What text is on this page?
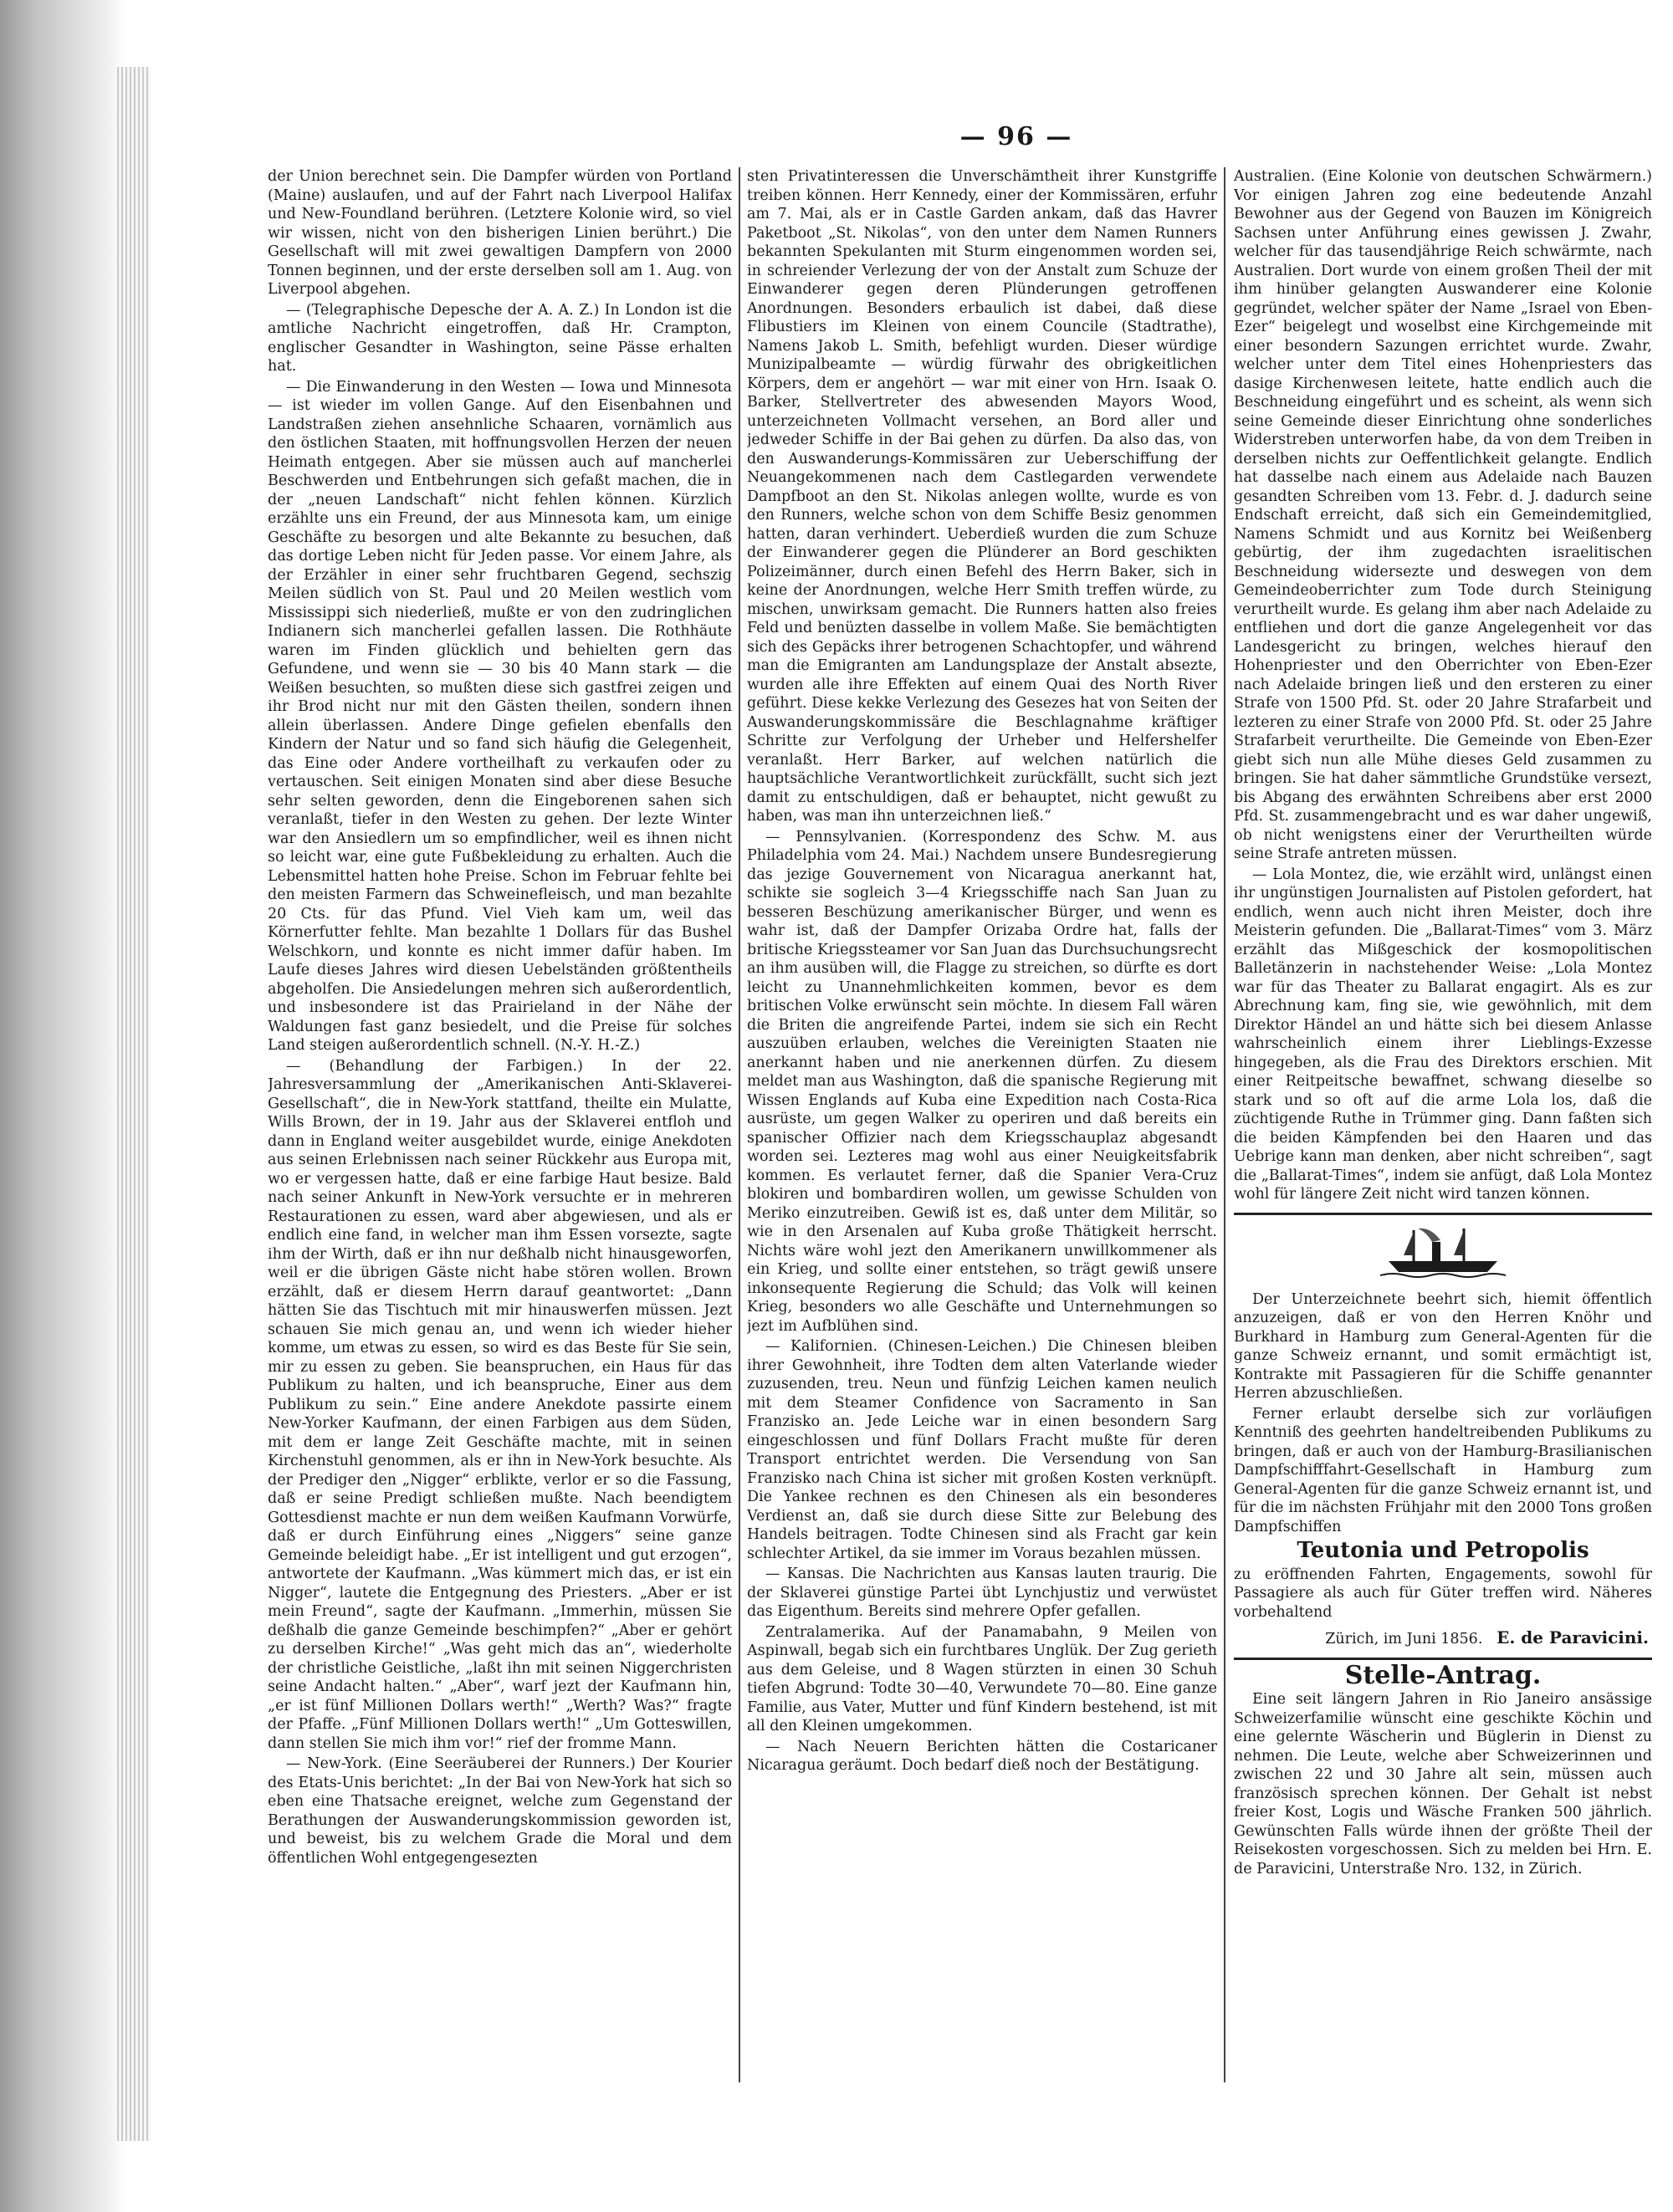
— 96 —

der Union berechnet sein. Die Dampfer würden von Portland (Maine) auslaufen, und auf der Fahrt nach Liverpool Halifax und New-Foundland berühren. (Letztere Kolonie wird, so viel wir wissen, nicht von den bisherigen Linien berührt.) Die Gesellschaft will mit zwei gewaltigen Dampfern von 2000 Tonnen beginnen, und der erste derselben soll am 1. Aug. von Liverpool abgehen.

— (Telegraphische Depesche der A. A. Z.) In London ist die amtliche Nachricht eingetroffen, daß Hr. Crampton, englischer Gesandter in Washington, seine Pässe erhalten hat.

— Die Einwanderung in den Westen — Iowa und Minnesota — ist wieder im vollen Gange. Auf den Eisenbahnen und Landstraßen ziehen ansehnliche Schaaren, vornämlich aus den östlichen Staaten, mit hoffnungsvollen Herzen der neuen Heimath entgegen. Aber sie müssen auch auf mancherlei Beschwerden und Entbehrungen sich gefaßt machen, die in der „neuen Landschaft“ nicht fehlen können. Kürzlich erzählte uns ein Freund, der aus Minnesota kam, um einige Geschäfte zu besorgen und alte Bekannte zu besuchen, daß das dortige Leben nicht für Jeden passe. Vor einem Jahre, als der Erzähler in einer sehr fruchtbaren Gegend, sechszig Meilen südlich von St. Paul und 20 Meilen westlich vom Mississippi sich niederließ, mußte er von den zudringlichen Indianern sich mancherlei gefallen lassen. Die Rothhäute waren im Finden glücklich und behielten gern das Gefundene, und wenn sie — 30 bis 40 Mann stark — die Weißen besuchten, so mußten diese sich gastfrei zeigen und ihr Brod nicht nur mit den Gästen theilen, sondern ihnen allein überlassen. Andere Dinge gefielen ebenfalls den Kindern der Natur und so fand sich häufig die Gelegenheit, das Eine oder Andere vortheilhaft zu verkaufen oder zu vertauschen. Seit einigen Monaten sind aber diese Besuche sehr selten geworden, denn die Eingeborenen sahen sich veranlaßt, tiefer in den Westen zu gehen. Der lezte Winter war den Ansiedlern um so empfindlicher, weil es ihnen nicht so leicht war, eine gute Fußbekleidung zu erhalten. Auch die Lebensmittel hatten hohe Preise. Schon im Februar fehlte bei den meisten Farmern das Schweinefleisch, und man bezahlte 20 Cts. für das Pfund. Viel Vieh kam um, weil das Körnerfutter fehlte. Man bezahlte 1 Dollars für das Bushel Welschkorn, und konnte es nicht immer dafür haben. Im Laufe dieses Jahres wird diesen Uebelständen größtentheils abgeholfen. Die Ansiedelungen mehren sich außerordentlich, und insbesondere ist das Prairieland in der Nähe der Waldungen fast ganz besiedelt, und die Preise für solches Land steigen außerordentlich schnell. (N.-Y. H.-Z.)

— (Behandlung der Farbigen.) In der 22. Jahresversammlung der „Amerikanischen Anti-Sklaverei-Gesellschaft“, die in New-York stattfand, theilte ein Mulatte, Wills Brown, der in 19. Jahr aus der Sklaverei entfloh und dann in England weiter ausgebildet wurde, einige Anekdoten aus seinen Erlebnissen nach seiner Rückkehr aus Europa mit, wo er vergessen hatte, daß er eine farbige Haut besize. Bald nach seiner Ankunft in New-York versuchte er in mehreren Restaurationen zu essen, ward aber abgewiesen, und als er endlich eine fand, in welcher man ihm Essen vorsezte, sagte ihm der Wirth, daß er ihn nur deßhalb nicht hinausgeworfen, weil er die übrigen Gäste nicht habe stören wollen. Brown erzählt, daß er diesem Herrn darauf geantwortet: „Dann hätten Sie das Tischtuch mit mir hinauswerfen müssen. Jezt schauen Sie mich genau an, und wenn ich wieder hieher komme, um etwas zu essen, so wird es das Beste für Sie sein, mir zu essen zu geben. Sie beanspruchen, ein Haus für das Publikum zu halten, und ich beanspruche, Einer aus dem Publikum zu sein.“ Eine andere Anekdote passirte einem New-Yorker Kaufmann, der einen Farbigen aus dem Süden, mit dem er lange Zeit Geschäfte machte, mit in seinen Kirchenstuhl genommen, als er ihn in New-York besuchte. Als der Prediger den „Nigger“ erblikte, verlor er so die Fassung, daß er seine Predigt schließen mußte. Nach beendigtem Gottesdienst machte er nun dem weißen Kaufmann Vorwürfe, daß er durch Einführung eines „Niggers“ seine ganze Gemeinde beleidigt habe. „Er ist intelligent und gut erzogen“, antwortete der Kaufmann. „Was kümmert mich das, er ist ein Nigger“, lautete die Entgegnung des Priesters. „Aber er ist mein Freund“, sagte der Kaufmann. „Immerhin, müssen Sie deßhalb die ganze Gemeinde beschimpfen?“ „Aber er gehört zu derselben Kirche!“ „Was geht mich das an“, wiederholte der christliche Geistliche, „laßt ihn mit seinen Niggerchristen seine Andacht halten.“ „Aber“, warf jezt der Kaufmann hin, „er ist fünf Millionen Dollars werth!“ „Werth? Was?“ fragte der Pfaffe. „Fünf Millionen Dollars werth!“ „Um Gotteswillen, dann stellen Sie mich ihm vor!“ rief der fromme Mann.

— New-York. (Eine Seeräuberei der Runners.) Der Kourier des Etats-Unis berichtet: „In der Bai von New-York hat sich so eben eine Thatsache ereignet, welche zum Gegenstand der Berathungen der Auswanderungskommission geworden ist, und beweist, bis zu welchem Grade die Moral und dem öffentlichen Wohl entgegengesezten

sten Privatinteressen die Unverschämtheit ihrer Kunstgriffe treiben können. Herr Kennedy, einer der Kommissären, erfuhr am 7. Mai, als er in Castle Garden ankam, daß das Havrer Paketboot „St. Nikolas“, von den unter dem Namen Runners bekannten Spekulanten mit Sturm eingenommen worden sei, in schreiender Verlezung der von der Anstalt zum Schuze der Einwanderer gegen deren Plünderungen getroffenen Anordnungen. Besonders erbaulich ist dabei, daß diese Flibustiers im Kleinen von einem Councile (Stadtrathe), Namens Jakob L. Smith, befehligt wurden. Dieser würdige Munizipalbeamte — würdig fürwahr des obrigkeitlichen Körpers, dem er angehört — war mit einer von Hrn. Isaak O. Barker, Stellvertreter des abwesenden Mayors Wood, unterzeichneten Vollmacht versehen, an Bord aller und jedweder Schiffe in der Bai gehen zu dürfen. Da also das, von den Auswanderungs-Kommissären zur Ueberschiffung der Neuangekommenen nach dem Castlegarden verwendete Dampfboot an den St. Nikolas anlegen wollte, wurde es von den Runners, welche schon von dem Schiffe Besiz genommen hatten, daran verhindert. Ueberdieß wurden die zum Schuze der Einwanderer gegen die Plünderer an Bord geschikten Polizeimänner, durch einen Befehl des Herrn Baker, sich in keine der Anordnungen, welche Herr Smith treffen würde, zu mischen, unwirksam gemacht. Die Runners hatten also freies Feld und benüzten dasselbe in vollem Maße. Sie bemächtigten sich des Gepäcks ihrer betrogenen Schachtopfer, und während man die Emigranten am Landungsplaze der Anstalt absezte, wurden alle ihre Effekten auf einem Quai des North River geführt. Diese kekke Verlezung des Gesezes hat von Seiten der Auswanderungskommissäre die Beschlagnahme kräftiger Schritte zur Verfolgung der Urheber und Helfershelfer veranlaßt. Herr Barker, auf welchen natürlich die hauptsächliche Verantwortlichkeit zurückfällt, sucht sich jezt damit zu entschuldigen, daß er behauptet, nicht gewußt zu haben, was man ihn unterzeichnen ließ.“

— Pennsylvanien. (Korrespondenz des Schw. M. aus Philadelphia vom 24. Mai.) Nachdem unsere Bundesregierung das jezige Gouvernement von Nicaragua anerkannt hat, schikte sie sogleich 3—4 Kriegsschiffe nach San Juan zu besseren Beschüzung amerikanischer Bürger, und wenn es wahr ist, daß der Dampfer Orizaba Ordre hat, falls der britische Kriegssteamer vor San Juan das Durchsuchungsrecht an ihm ausüben will, die Flagge zu streichen, so dürfte es dort leicht zu Unannehmlichkeiten kommen, bevor es dem britischen Volke erwünscht sein möchte. In diesem Fall wären die Briten die angreifende Partei, indem sie sich ein Recht auszuüben erlauben, welches die Vereinigten Staaten nie anerkannt haben und nie anerkennen dürfen. Zu diesem meldet man aus Washington, daß die spanische Regierung mit Wissen Englands auf Kuba eine Expedition nach Costa-Rica ausrüste, um gegen Walker zu operiren und daß bereits ein spanischer Offizier nach dem Kriegsschauplaz abgesandt worden sei. Lezteres mag wohl aus einer Neuigkeitsfabrik kommen. Es verlautet ferner, daß die Spanier Vera-Cruz blokiren und bombardiren wollen, um gewisse Schulden von Meriko einzutreiben. Gewiß ist es, daß unter dem Militär, so wie in den Arsenalen auf Kuba große Thätigkeit herrscht. Nichts wäre wohl jezt den Amerikanern unwillkommener als ein Krieg, und sollte einer entstehen, so trägt gewiß unsere inkonsequente Regierung die Schuld; das Volk will keinen Krieg, besonders wo alle Geschäfte und Unternehmungen so jezt im Aufblühen sind.

— Kalifornien. (Chinesen-Leichen.) Die Chinesen bleiben ihrer Gewohnheit, ihre Todten dem alten Vaterlande wieder zuzusenden, treu. Neun und fünfzig Leichen kamen neulich mit dem Steamer Confidence von Sacramento in San Franzisko an. Jede Leiche war in einen besondern Sarg eingeschlossen und fünf Dollars Fracht mußte für deren Transport entrichtet werden. Die Versendung von San Franzisko nach China ist sicher mit großen Kosten verknüpft. Die Yankee rechnen es den Chinesen als ein besonderes Verdienst an, daß sie durch diese Sitte zur Belebung des Handels beitragen. Todte Chinesen sind als Fracht gar kein schlechter Artikel, da sie immer im Voraus bezahlen müssen.

— Kansas. Die Nachrichten aus Kansas lauten traurig. Die der Sklaverei günstige Partei übt Lynchjustiz und verwüstet das Eigenthum. Bereits sind mehrere Opfer gefallen.

Zentralamerika. Auf der Panamabahn, 9 Meilen von Aspinwall, begab sich ein furchtbares Unglük. Der Zug gerieth aus dem Geleise, und 8 Wagen stürzten in einen 30 Schuh tiefen Abgrund: Todte 30—40, Verwundete 70—80. Eine ganze Familie, aus Vater, Mutter und fünf Kindern bestehend, ist mit all den Kleinen umgekommen.

— Nach Neuern Berichten hätten die Costaricaner Nicaragua geräumt. Doch bedarf dieß noch der Bestätigung.

Australien. (Eine Kolonie von deutschen Schwärmern.) Vor einigen Jahren zog eine bedeutende Anzahl Bewohner aus der Gegend von Bauzen im Königreich Sachsen unter Anführung eines gewissen J. Zwahr, welcher für das tausendjährige Reich schwärmte, nach Australien. Dort wurde von einem großen Theil der mit ihm hinüber gelangten Auswanderer eine Kolonie gegründet, welcher später der Name „Israel von Eben-Ezer“ beigelegt und woselbst eine Kirchgemeinde mit einer besondern Sazungen errichtet wurde. Zwahr, welcher unter dem Titel eines Hohenpriesters das dasige Kirchenwesen leitete, hatte endlich auch die Beschneidung eingeführt und es scheint, als wenn sich seine Gemeinde dieser Einrichtung ohne sonderliches Widerstreben unterworfen habe, da von dem Treiben in derselben nichts zur Oeffentlichkeit gelangte. Endlich hat dasselbe nach einem aus Adelaide nach Bauzen gesandten Schreiben vom 13. Febr. d. J. dadurch seine Endschaft erreicht, daß sich ein Gemeindemitglied, Namens Schmidt und aus Kornitz bei Weißenberg gebürtig, der ihm zugedachten israelitischen Beschneidung widersezte und deswegen von dem Gemeindeoberrichter zum Tode durch Steinigung verurtheilt wurde. Es gelang ihm aber nach Adelaide zu entfliehen und dort die ganze Angelegenheit vor das Landesgericht zu bringen, welches hierauf den Hohenpriester und den Oberrichter von Eben-Ezer nach Adelaide bringen ließ und den ersteren zu einer Strafe von 1500 Pfd. St. oder 20 Jahre Strafarbeit und lezteren zu einer Strafe von 2000 Pfd. St. oder 25 Jahre Strafarbeit verurtheilte. Die Gemeinde von Eben-Ezer giebt sich nun alle Mühe dieses Geld zusammen zu bringen. Sie hat daher sämmtliche Grundstüke versezt, bis Abgang des erwähnten Schreibens aber erst 2000 Pfd. St. zusammengebracht und es war daher ungewiß, ob nicht wenigstens einer der Verurtheilten würde seine Strafe antreten müssen.

— Lola Montez, die, wie erzählt wird, unlängst einen ihr ungünstigen Journalisten auf Pistolen gefordert, hat endlich, wenn auch nicht ihren Meister, doch ihre Meisterin gefunden. Die „Ballarat-Times“ vom 3. März erzählt das Mißgeschick der kosmopolitischen Balletänzerin in nachstehender Weise: „Lola Montez war für das Theater zu Ballarat engagirt. Als es zur Abrechnung kam, fing sie, wie gewöhnlich, mit dem Direktor Händel an und hätte sich bei diesem Anlasse wahrscheinlich einem ihrer Lieblings-Exzesse hingegeben, als die Frau des Direktors erschien. Mit einer Reitpeitsche bewaffnet, schwang dieselbe so stark und so oft auf die arme Lola los, daß die züchtigende Ruthe in Trümmer ging. Dann faßten sich die beiden Kämpfenden bei den Haaren und das Uebrige kann man denken, aber nicht schreiben“, sagt die „Ballarat-Times“, indem sie anfügt, daß Lola Montez wohl für längere Zeit nicht wird tanzen können.

Der Unterzeichnete beehrt sich, hiemit öffentlich anzuzeigen, daß er von den Herren Knöhr und Burkhard in Hamburg zum General-Agenten für die ganze Schweiz ernannt, und somit ermächtigt ist, Kontrakte mit Passagieren für die Schiffe genannter Herren abzuschließen.

Ferner erlaubt derselbe sich zur vorläufigen Kenntniß des geehrten handeltreibenden Publikums zu bringen, daß er auch von der Hamburg-Brasilianischen Dampfschifffahrt-Gesellschaft in Hamburg zum General-Agenten für die ganze Schweiz ernannt ist, und für die im nächsten Frühjahr mit den 2000 Tons großen Dampfschiffen

Teutonia und Petropolis

zu eröffnenden Fahrten, Engagements, sowohl für Passagiere als auch für Güter treffen wird. Näheres vorbehaltend

Zürich, im Juni 1856. E. de Paravicini.
Stelle-Antrag.

Eine seit längern Jahren in Rio Janeiro ansässige Schweizerfamilie wünscht eine geschikte Köchin und eine gelernte Wäscherin und Büglerin in Dienst zu nehmen. Die Leute, welche aber Schweizerinnen und zwischen 22 und 30 Jahre alt sein, müssen auch französisch sprechen können. Der Gehalt ist nebst freier Kost, Logis und Wäsche Franken 500 jährlich. Gewünschten Falls würde ihnen der größte Theil der Reisekosten vorgeschossen. Sich zu melden bei Hrn. E. de Paravicini, Unterstraße Nro. 132, in Zürich.
